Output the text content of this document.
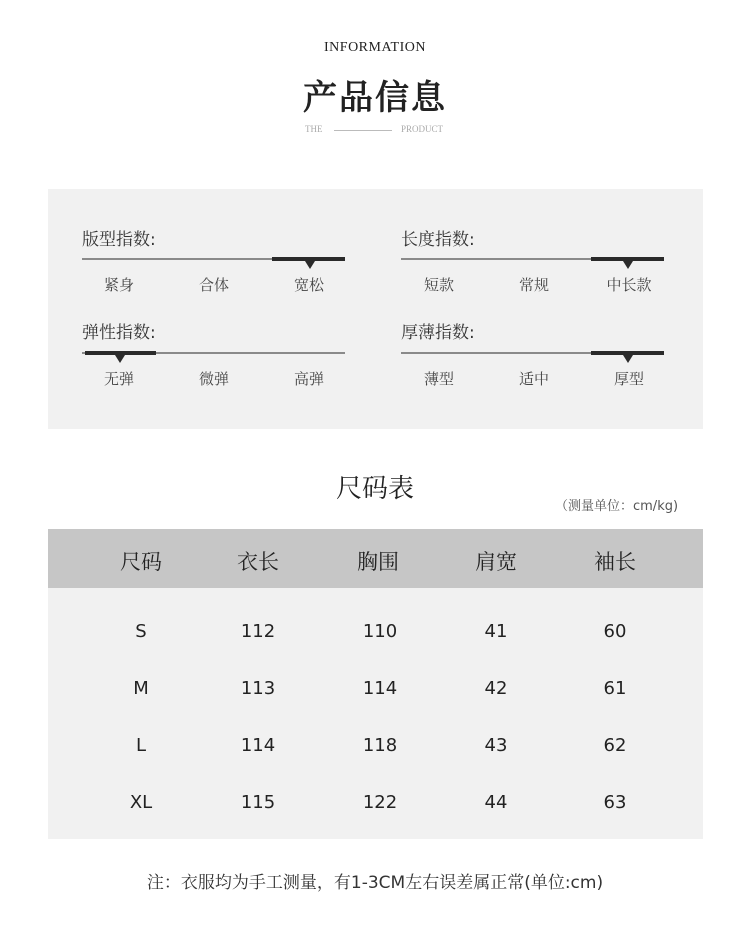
INFORMATION
产品信息
THE	PRODUCT
版型指数:
紧身	合体	宽松
长度指数:
短款	常规	中长款
弹性指数:
无弹	微弹	高弹
厚薄指数:
薄型	适中	厚型
尺码表
（测量单位：cm/kg)
尺码	衣长	胸围	肩宽	袖长
S	112	110	41	60
M	113	114	42	61
L	114	118	43	62
XL	115	122	44	63
注：衣服均为手工测量，有1-3CM左右误差属正常(单位:cm)
